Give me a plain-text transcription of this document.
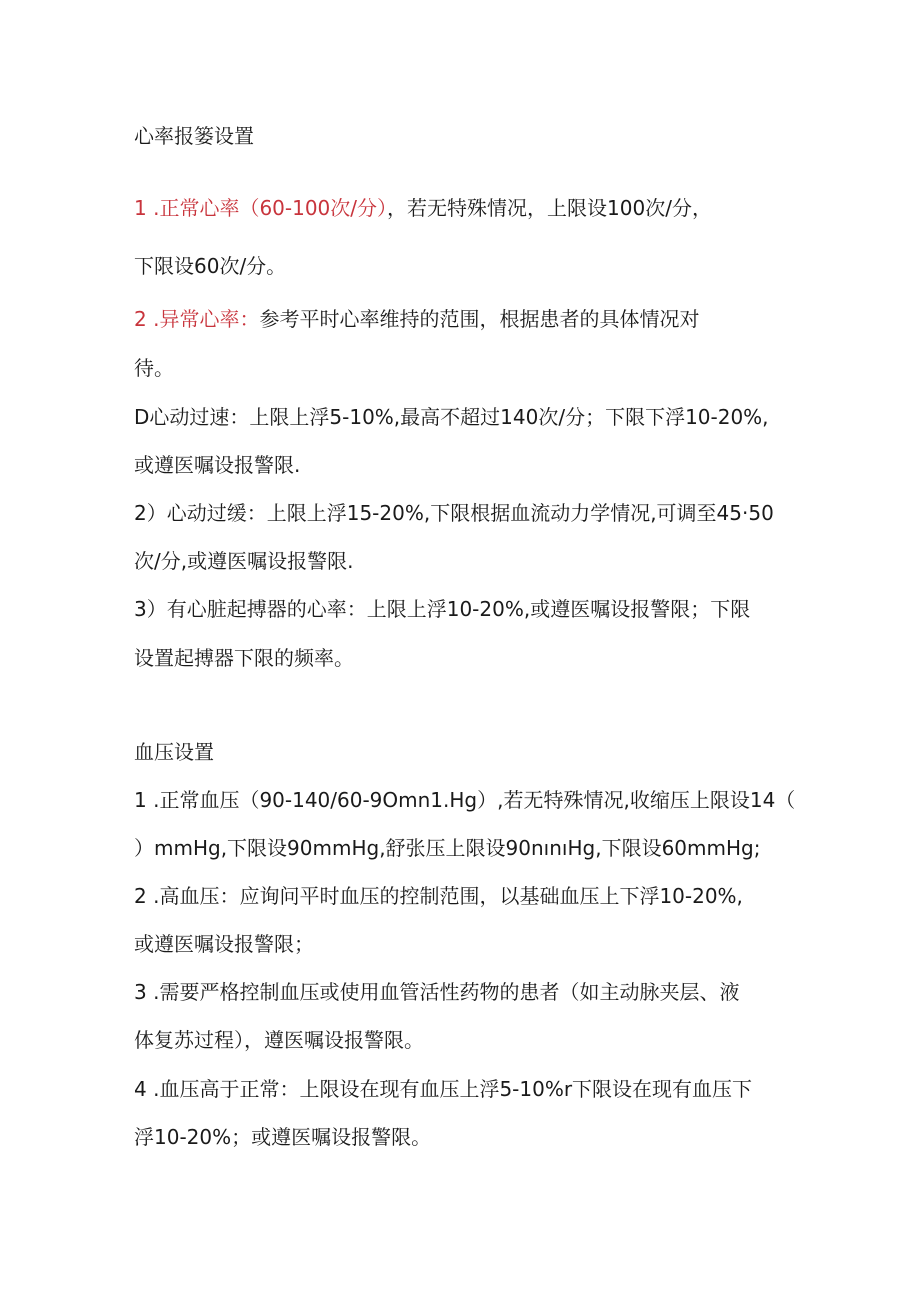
心率报篓设置
1 .正常心率（60-100次/分），若无特殊情况，上限设100次/分，
下限设60次/分。
2 .异常心率：参考平时心率维持的范围，根据患者的具体情况对
待。
D心动过速：上限上浮5-10%,最高不超过140次/分；下限下浮10-20%,
或遵医嘱设报警限.
2）心动过缓：上限上浮15-20%,下限根据血流动力学情况,可调至45·50
次/分,或遵医嘱设报警限.
3）有心脏起搏器的心率：上限上浮10-20%,或遵医嘱设报警限；下限
设置起搏器下限的频率。
血压设置
1 .正常血压（90-140/60-9Omn1.Hg）,若无特殊情况,收缩压上限设14（
）mmHg,下限设90mmHg,舒张压上限设90nınıHg,下限设60mmHg;
2 .高血压：应询问平时血压的控制范围，以基础血压上下浮10-20%,
或遵医嘱设报警限；
3 .需要严格控制血压或使用血管活性药物的患者（如主动脉夹层、液
体复苏过程），遵医嘱设报警限。
4 .血压高于正常：上限设在现有血压上浮5-10%r下限设在现有血压下
浮10-20%；或遵医嘱设报警限。
